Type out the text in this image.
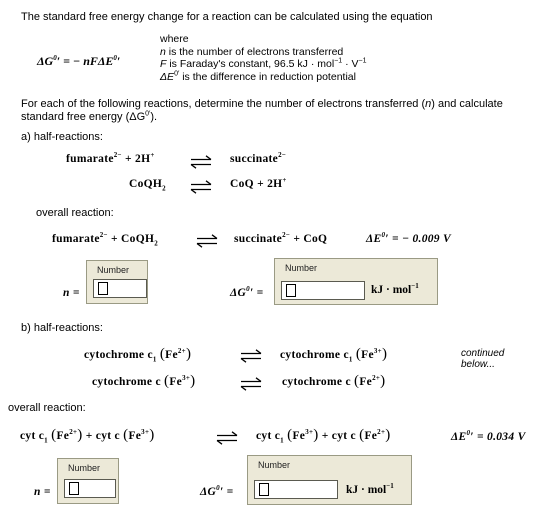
The standard free energy change for a reaction can be calculated using the equation
$\Delta G^0'$ = − nFΔE$^0$′
where
n is the number of electrons transferred
F is Faraday's constant, 96.5 kJ · $mol^{-1} \cdot V^{-1}$
$\Delta E^{0'}$ is the difference in reduction potential
For each of the following reactions, determine the number of electrons transferred (n) and calculate
standard free energy $(\Delta G^{0'})$.
a) half-reactions:
fumarate$^{2-}$ + 2H+	succinate$^{2-}$
CoQH$_2$	CoQ + 2H+
overall reaction:
fumarate$^{2-}$ + CoQH$_2$	succinate$^{2-}$ + CoQ	$\Delta E^0'$ = − 0.009 V
n =
Number
$\Delta G^0'$ =
Number
kJ · mol$^{-1}$
b) half-reactions:
cytochrome $c_1$ $(Fe^{2+})$	cytochrome $c_1$ $(Fe^{3+})$	continued below...
cytochrome c $(Fe^{3+})$	cytochrome c $(Fe^{2+})$
overall reaction:
cyt $c_1$ $(Fe^{2+})$ + cyt c $(Fe^{3+})$	cyt $c_1$ $(Fe^{3+})$ + cyt c $(Fe^{2+})$	$\Delta E^0' = 0.034$ V
n =
Number
$\Delta G^0'$ =
Number
kJ · mol$^{-1}$
